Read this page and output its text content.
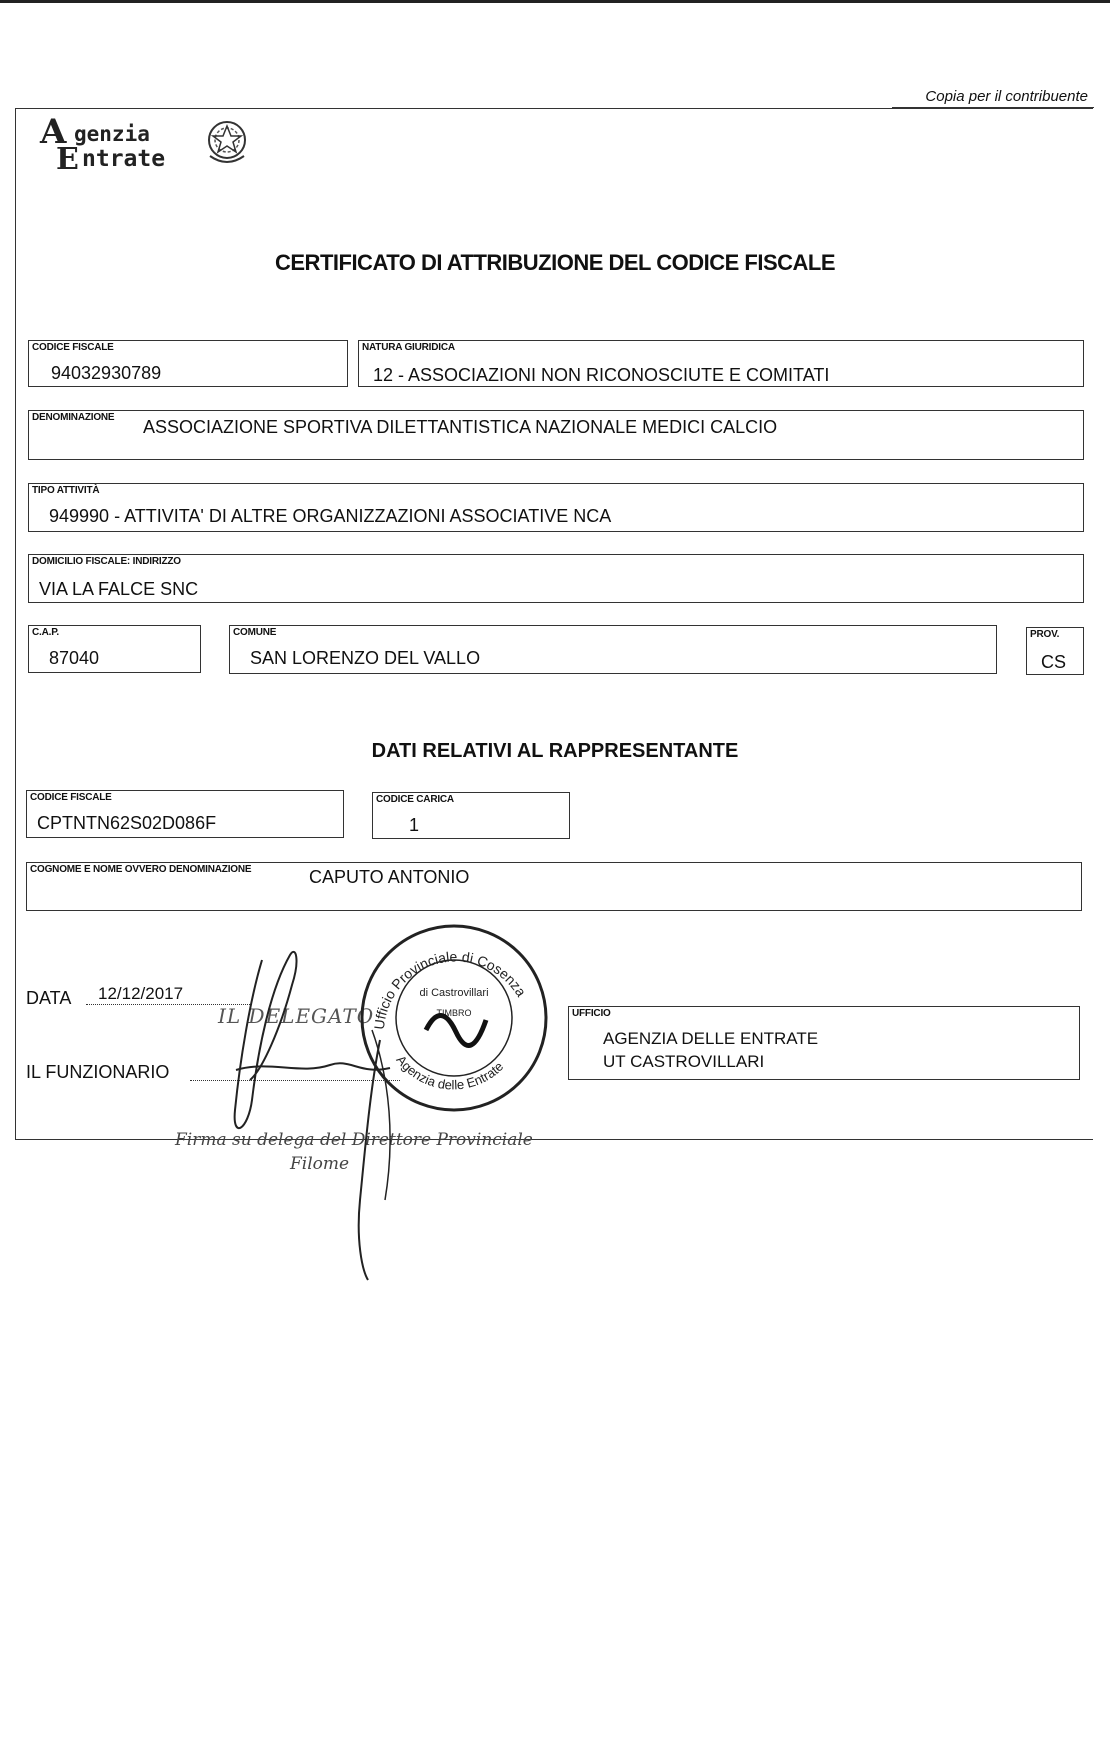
Copia per il contribuente
A genzia
E ntrate
CERTIFICATO DI ATTRIBUZIONE DEL CODICE FISCALE
CODICE FISCALE
94032930789
NATURA GIURIDICA
12 - ASSOCIAZIONI NON RICONOSCIUTE E COMITATI
DENOMINAZIONE ASSOCIAZIONE SPORTIVA DILETTANTISTICA NAZIONALE MEDICI CALCIO
TIPO ATTIVITÀ
949990 - ATTIVITA' DI ALTRE ORGANIZZAZIONI ASSOCIATIVE NCA
DOMICILIO FISCALE: INDIRIZZO
VIA LA FALCE SNC
C.A.P.
87040
COMUNE
SAN LORENZO DEL VALLO
PROV.
CS
DATI RELATIVI AL RAPPRESENTANTE
CODICE FISCALE
CPTNTN62S02D086F
CODICE CARICA
1
COGNOME E NOME OVVERO DENOMINAZIONE	CAPUTO ANTONIO
DATA 12/12/2017
IL FUNZIONARIO
UFFICIO
AGENZIA DELLE ENTRATE
UT CASTROVILLARI
IL DELEGATO
Firma su delega del Direttore Provinciale
Filome
Ufficio Provinciale di Cosenza
Agenzia delle Entrate
di Castrovillari
TIMBRO
